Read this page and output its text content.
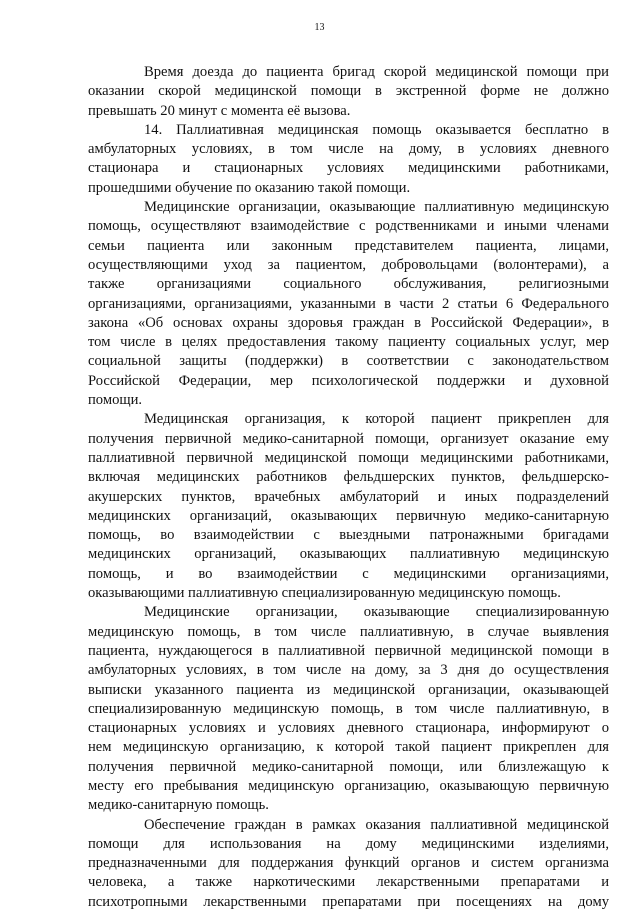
13

Время доезда до пациента бригад скорой медицинской помощи при
оказании скорой медицинской помощи в экстренной форме не должно
превышать 20 минут с момента её вызова.

14. Паллиативная медицинская помощь оказывается бесплатно в
амбулаторных условиях, в том числе на дому, в условиях дневного
стационара и стационарных условиях медицинскими работниками,
прошедшими обучение по оказанию такой помощи.

Медицинские организации, оказывающие паллиативную медицинскую
помощь, осуществляют взаимодействие с родственниками и иными членами
семьи пациента или законным представителем пациента, лицами,
осуществляющими уход за пациентом, добровольцами (волонтерами), а
также организациями социального обслуживания, религиозными
организациями, организациями, указанными в части 2 статьи 6 Федерального
закона «Об основах охраны здоровья граждан в Российской Федерации», в
том числе в целях предоставления такому пациенту социальных услуг, мер
социальной защиты (поддержки) в соответствии с законодательством
Российской Федерации, мер психологической поддержки и духовной
помощи.

Медицинская организация, к которой пациент прикреплен для
получения первичной медико-санитарной помощи, организует оказание ему
паллиативной первичной медицинской помощи медицинскими работниками,
включая медицинских работников фельдшерских пунктов, фельдшерско-
акушерских пунктов, врачебных амбулаторий и иных подразделений
медицинских организаций, оказывающих первичную медико-санитарную
помощь, во взаимодействии с выездными патронажными бригадами
медицинских организаций, оказывающих паллиативную медицинскую
помощь, и во взаимодействии с медицинскими организациями,
оказывающими паллиативную специализированную медицинскую помощь.

Медицинские организации, оказывающие специализированную
медицинскую помощь, в том числе паллиативную, в случае выявления
пациента, нуждающегося в паллиативной первичной медицинской помощи в
амбулаторных условиях, в том числе на дому, за 3 дня до осуществления
выписки указанного пациента из медицинской организации, оказывающей
специализированную медицинскую помощь, в том числе паллиативную, в
стационарных условиях и условиях дневного стационара, информируют о
нем медицинскую организацию, к которой такой пациент прикреплен для
получения первичной медико-санитарной помощи, или близлежащую к
месту его пребывания медицинскую организацию, оказывающую первичную
медико-санитарную помощь.

Обеспечение граждан в рамках оказания паллиативной медицинской
помощи для использования на дому медицинскими изделиями,
предназначенными для поддержания функций органов и систем организма
человека, а также наркотическими лекарственными препаратами и
психотропными лекарственными препаратами при посещениях на дому
